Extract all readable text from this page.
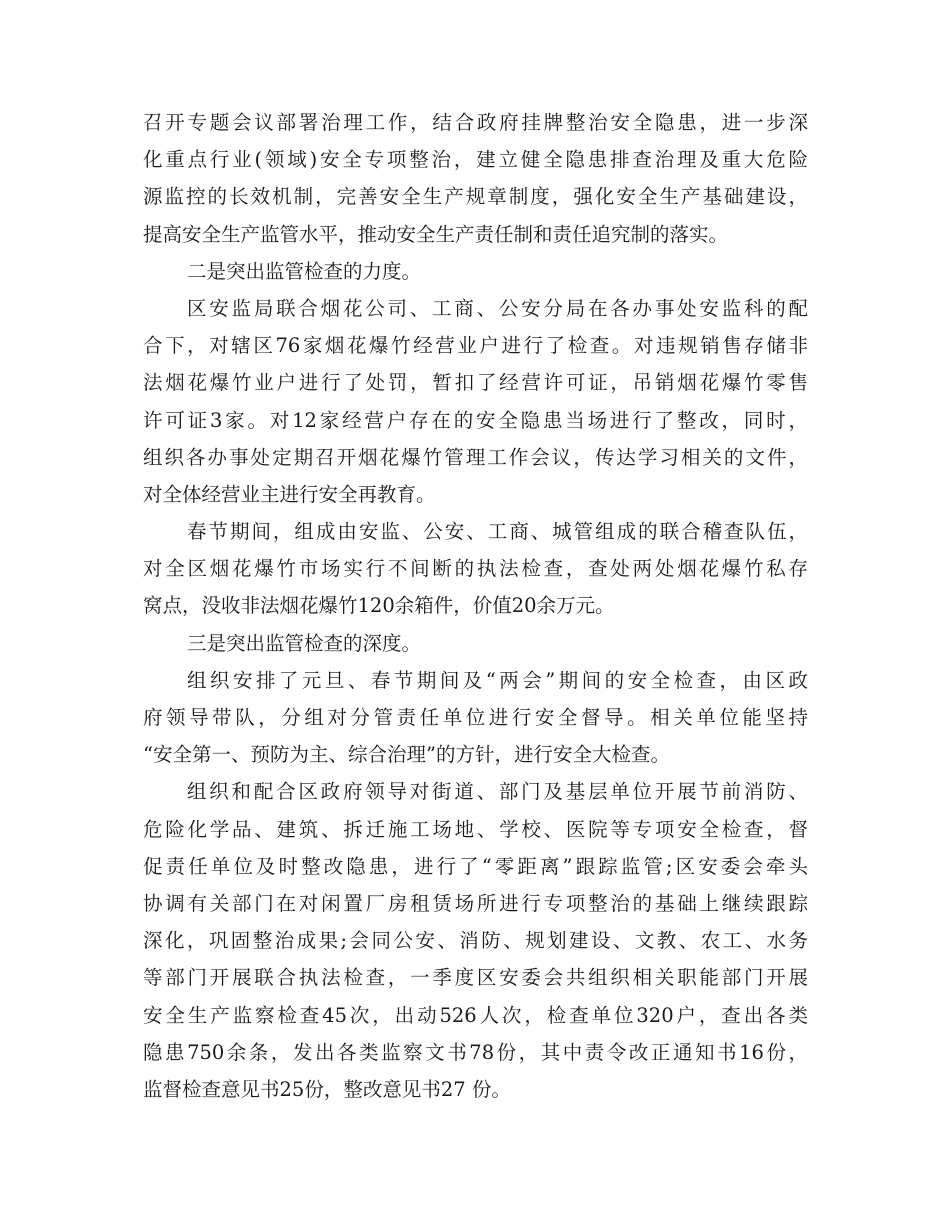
召开专题会议部署治理工作，结合政府挂牌整治安全隐患，进一步深
化重点行业(领域)安全专项整治，建立健全隐患排查治理及重大危险
源监控的长效机制，完善安全生产规章制度，强化安全生产基础建设，
提高安全生产监管水平，推动安全生产责任制和责任追究制的落实。
二是突出监管检查的力度。
区安监局联合烟花公司、工商、公安分局在各办事处安监科的配
合下，对辖区76家烟花爆竹经营业户进行了检查。对违规销售存储非
法烟花爆竹业户进行了处罚，暂扣了经营许可证，吊销烟花爆竹零售
许可证3家。对12家经营户存在的安全隐患当场进行了整改，同时，
组织各办事处定期召开烟花爆竹管理工作会议，传达学习相关的文件，
对全体经营业主进行安全再教育。
春节期间，组成由安监、公安、工商、城管组成的联合稽查队伍，
对全区烟花爆竹市场实行不间断的执法检查，查处两处烟花爆竹私存
窝点，没收非法烟花爆竹120余箱件，价值20余万元。
三是突出监管检查的深度。
组织安排了元旦、春节期间及“两会”期间的安全检查，由区政
府领导带队，分组对分管责任单位进行安全督导。相关单位能坚持
“安全第一、预防为主、综合治理”的方针，进行安全大检查。
组织和配合区政府领导对街道、部门及基层单位开展节前消防、
危险化学品、建筑、拆迁施工场地、学校、医院等专项安全检查，督
促责任单位及时整改隐患，进行了“零距离”跟踪监管;区安委会牵头
协调有关部门在对闲置厂房租赁场所进行专项整治的基础上继续跟踪
深化，巩固整治成果;会同公安、消防、规划建设、文教、农工、水务
等部门开展联合执法检查，一季度区安委会共组织相关职能部门开展
安全生产监察检查45次，出动526人次，检查单位320户，查出各类
隐患750余条，发出各类监察文书78份，其中责令改正通知书16份，
监督检查意见书25份，整改意见书27 份。
